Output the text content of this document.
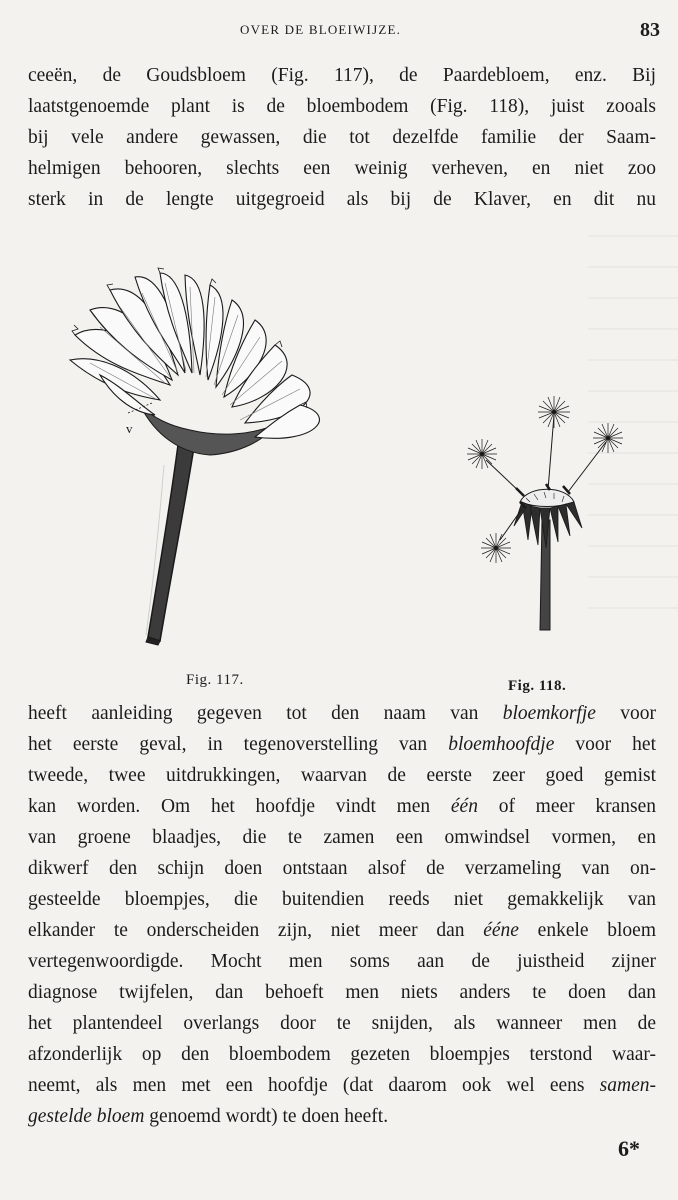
OVER DE BLOEIWIJZE.	83

ceeën, de Goudsbloem (Fig. 117), de Paardebloem, enz. Bij
laatstgenoemde plant is de bloembodem (Fig. 118), juist zooals
bij vele andere gewassen, die tot dezelfde familie der Saam-
helmigen behooren, slechts een weinig verheven, en niet zoo
sterk in de lengte uitgegroeid als bij de Klaver, en dit nu

v
Fig. 117.	Fig. 118.

heeft aanleiding gegeven tot den naam van bloemkorfje voor
het eerste geval, in tegenoverstelling van bloemhoofdje voor het
tweede, twee uitdrukkingen, waarvan de eerste zeer goed gemist
kan worden. Om het hoofdje vindt men één of meer kransen
van groene blaadjes, die te zamen een omwindsel vormen, en
dikwerf den schijn doen ontstaan alsof de verzameling van on-
gesteelde bloempjes, die buitendien reeds niet gemakkelijk van
elkander te onderscheiden zijn, niet meer dan ééne enkele bloem
vertegenwoordigde. Mocht men soms aan de juistheid zijner
diagnose twijfelen, dan behoeft men niets anders te doen dan
het plantendeel overlangs door te snijden, als wanneer men de
afzonderlijk op den bloembodem gezeten bloempjes terstond waar-
neemt, als men met een hoofdje (dat daarom ook wel eens samen-
gestelde bloem genoemd wordt) te doen heeft.

6*
